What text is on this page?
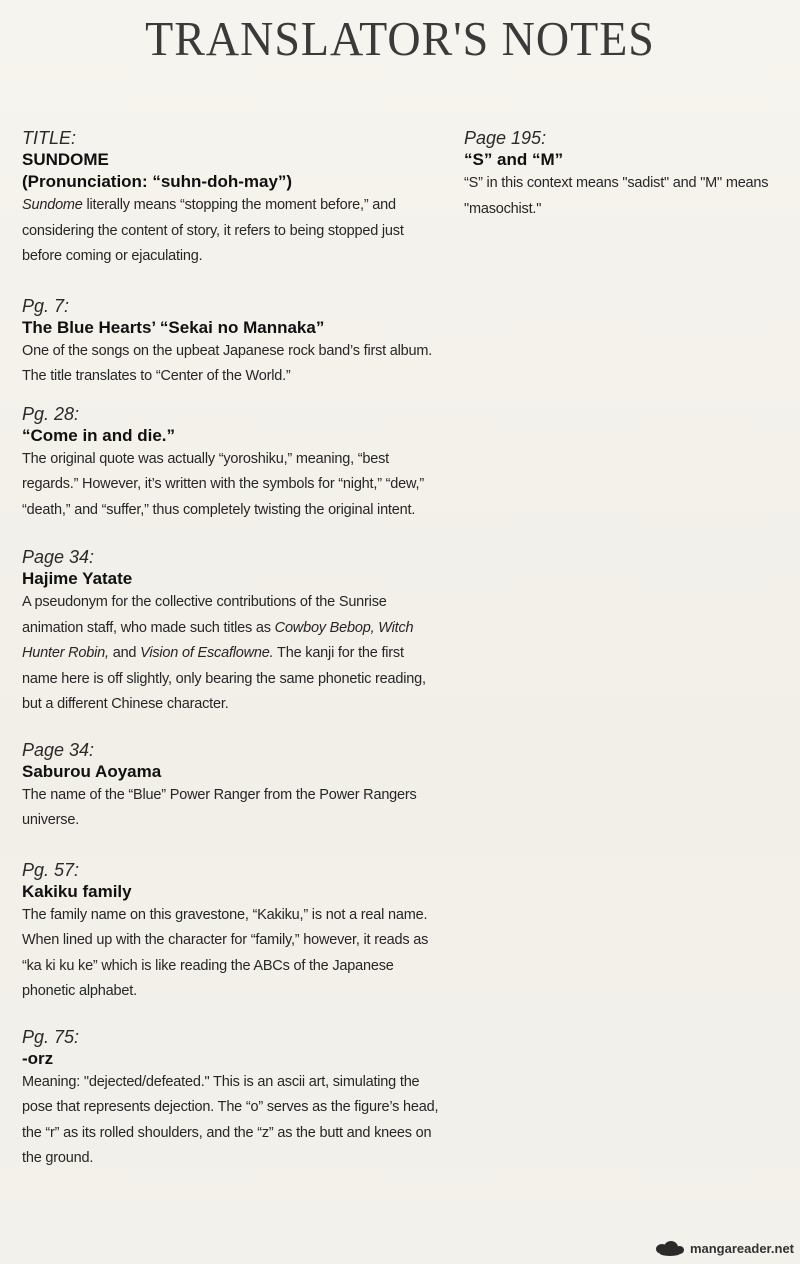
TRANSLATOR'S NOTES
TITLE:
SUNDOME
(Pronunciation: “suhn-doh-may”)

Sundome literally means “stopping the moment before,” and considering the content of story, it refers to being stopped just before coming or ejaculating.

Pg. 7:
The Blue Hearts’ “Sekai no Mannaka”

One of the songs on the upbeat Japanese rock band’s first album. The title translates to “Center of the World.”

Pg. 28:
“Come in and die.”

The original quote was actually “yoroshiku,” meaning, “best regards.” However, it’s written with the symbols for “night,” “dew,” “death,” and “suffer,” thus completely twisting the original intent.

Page 34:
Hajime Yatate

A pseudonym for the collective contributions of the Sunrise animation staff, who made such titles as Cowboy Bebop, Witch Hunter Robin, and Vision of Escaflowne. The kanji for the first name here is off slightly, only bearing the same phonetic reading, but a different Chinese character.

Page 34:
Saburou Aoyama

The name of the “Blue” Power Ranger from the Power Rangers universe.

Pg. 57:
Kakiku family

The family name on this gravestone, “Kakiku,” is not a real name. When lined up with the character for “family,” however, it reads as “ka ki ku ke” which is like reading the ABCs of the Japanese phonetic alphabet.

Pg. 75:
-orz

Meaning: "dejected/defeated." This is an ascii art, simulating the pose that represents dejection. The “o” serves as the figure’s head, the “r” as its rolled shoulders, and the “z” as the butt and knees on the ground.

Page 195:
“S” and “M”

“S” in this context means "sadist" and "M" means "masochist."

mangareader.net
